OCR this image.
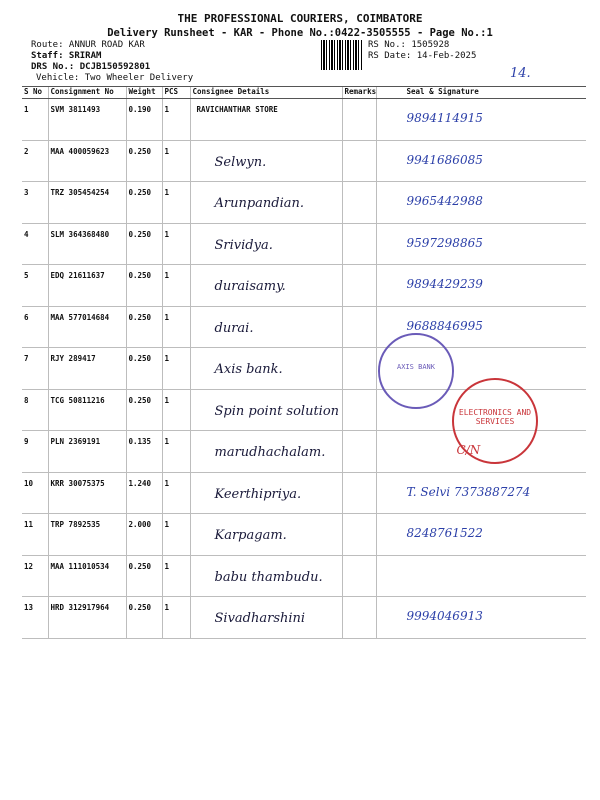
THE PROFESSIONAL COURIERS, COIMBATORE
Delivery Runsheet - KAR - Phone No.:0422-3505555 - Page No.:1
Route: ANNUR ROAD KAR
Staff: SRIRAM
DRS No.: DCJB150592801
Vehicle: Two Wheeler Delivery
RS No.: 1505928
RS Date: 14-Feb-2025
14.
S No	Consignment No	Weight	PCS	Consignee Details	Remarks	Seal & Signature

1	SVM 3811493	0.190	1	RAVICHANTHAR STORE		9894114915

2	MAA 400059623	0.250	1	Selwyn.		9941686085

3	TRZ 305454254	0.250	1	Arunpandian.		9965442988

4	SLM 364368480	0.250	1	Srividya.		9597298865

5	EDQ 21611637	0.250	1	duraisamy.		9894429239

6	MAA 577014684	0.250	1	durai.		9688846995

7	RJY 289417	0.250	1	Axis bank.		

8	TCG 50811216	0.250	1	Spin point solution		

9	PLN 2369191	0.135	1	marudhachalam.		C/N

10	KRR 30075375	1.240	1	Keerthipriya.		T. Selvi 7373887274

11	TRP 7892535	2.000	1	Karpagam.		8248761522

12	MAA 111010534	0.250	1	babu thambudu.		

13	HRD 312917964	0.250	1	Sivadharshini		9994046913
AXIS BANK
ELECTRONICS AND SERVICES
